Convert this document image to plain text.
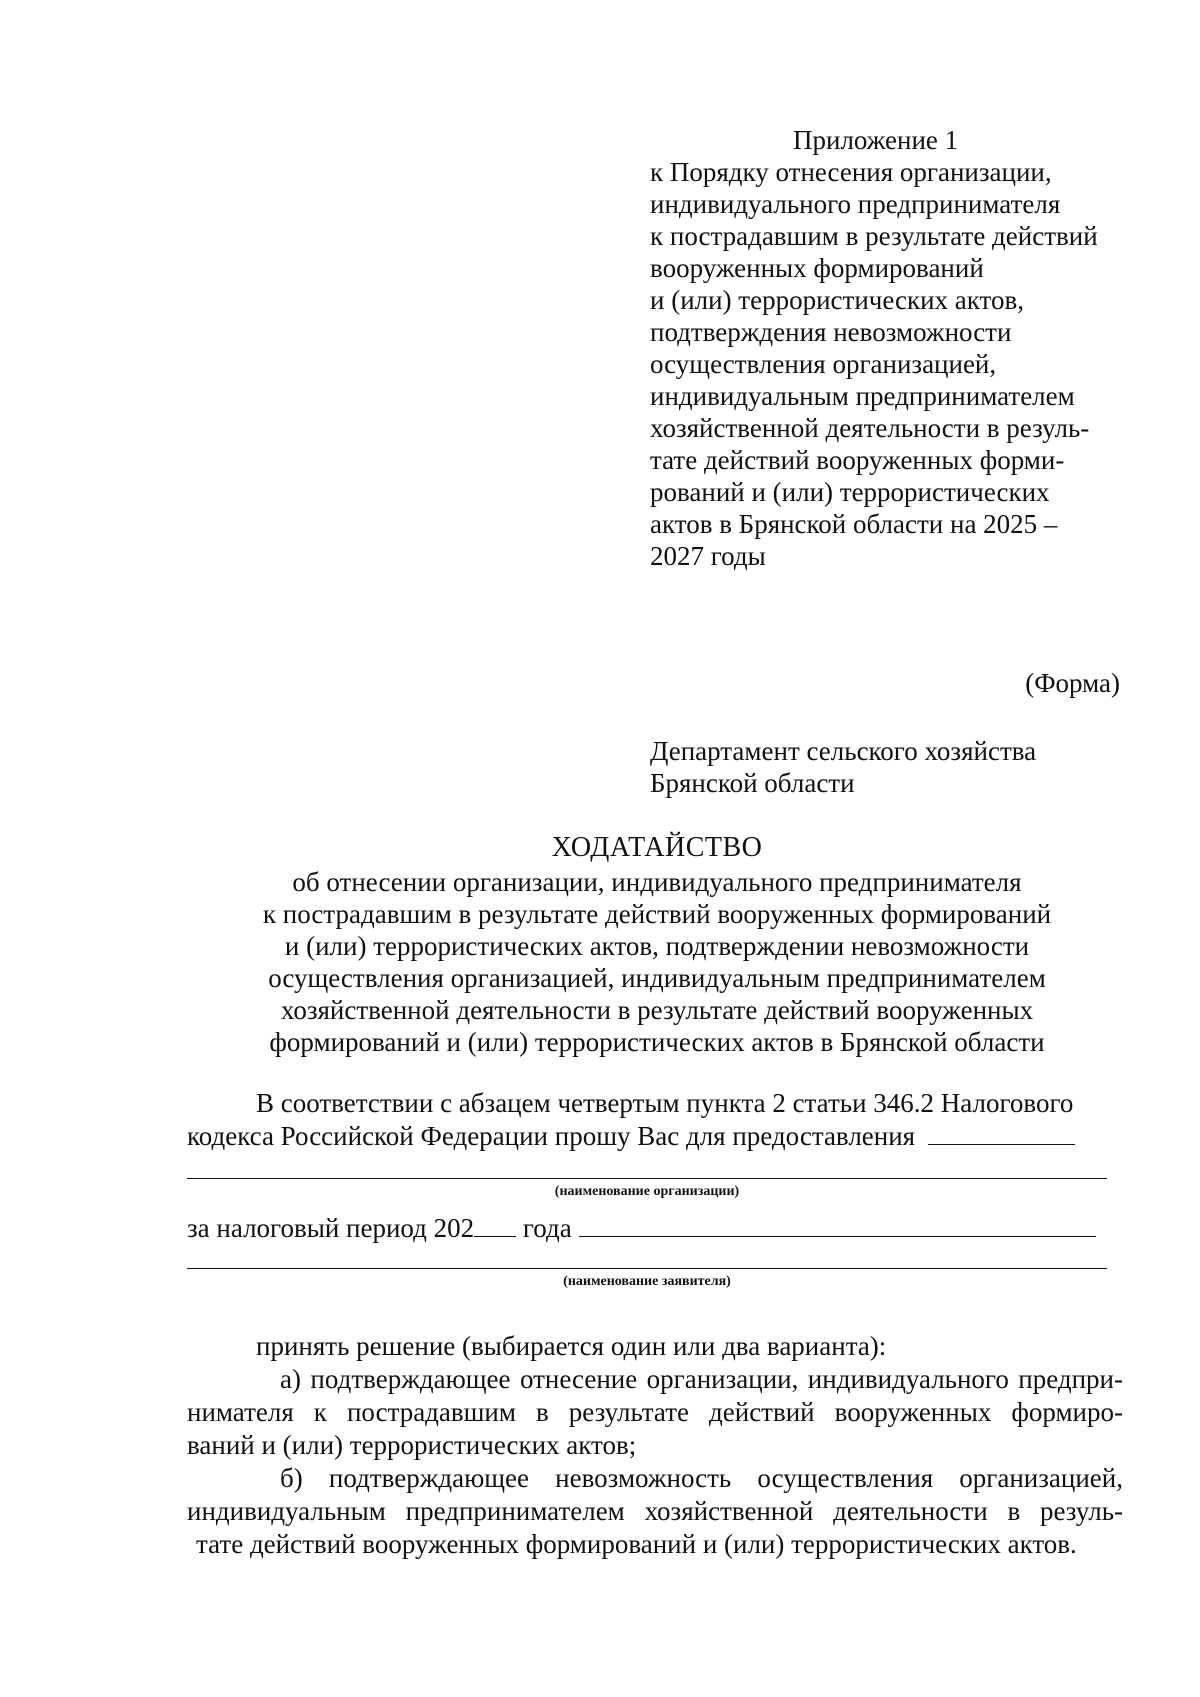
Приложение 1
к Порядку отнесения организации,
индивидуального предпринимателя
к пострадавшим в результате действий
вооруженных формирований
и (или) террористических актов,
подтверждения невозможности
осуществления организацией,
индивидуальным предпринимателем
хозяйственной деятельности в резуль-
тате действий вооруженных форми-
рований и (или) террористических
актов в Брянской области на 2025 –
2027 годы
(Форма)
Департамент сельского хозяйства
Брянской области
ХОДАТАЙСТВО
об отнесении организации, индивидуального предпринимателя
к пострадавшим в результате действий вооруженных формирований
и (или) террористических актов, подтверждении невозможности
осуществления организацией, индивидуальным предпринимателем
хозяйственной деятельности в результате действий вооруженных
формирований и (или) террористических актов в Брянской области
В соответствии с абзацем четвертым пункта 2 статьи 346.2 Налогового
кодекса Российской Федерации прошу Вас для предоставления
(наименование организации)
за налоговый период 202 года
(наименование заявителя)
принять решение (выбирается один или два варианта):
а) подтверждающее отнесение организации, индивидуального предпри-
нимателя к пострадавшим в результате действий вооруженных формиро-
ваний и (или) террористических актов;
б) подтверждающее невозможность осуществления организацией,
индивидуальным предпринимателем хозяйственной деятельности в резуль-
тате действий вооруженных формирований и (или) террористических актов.
